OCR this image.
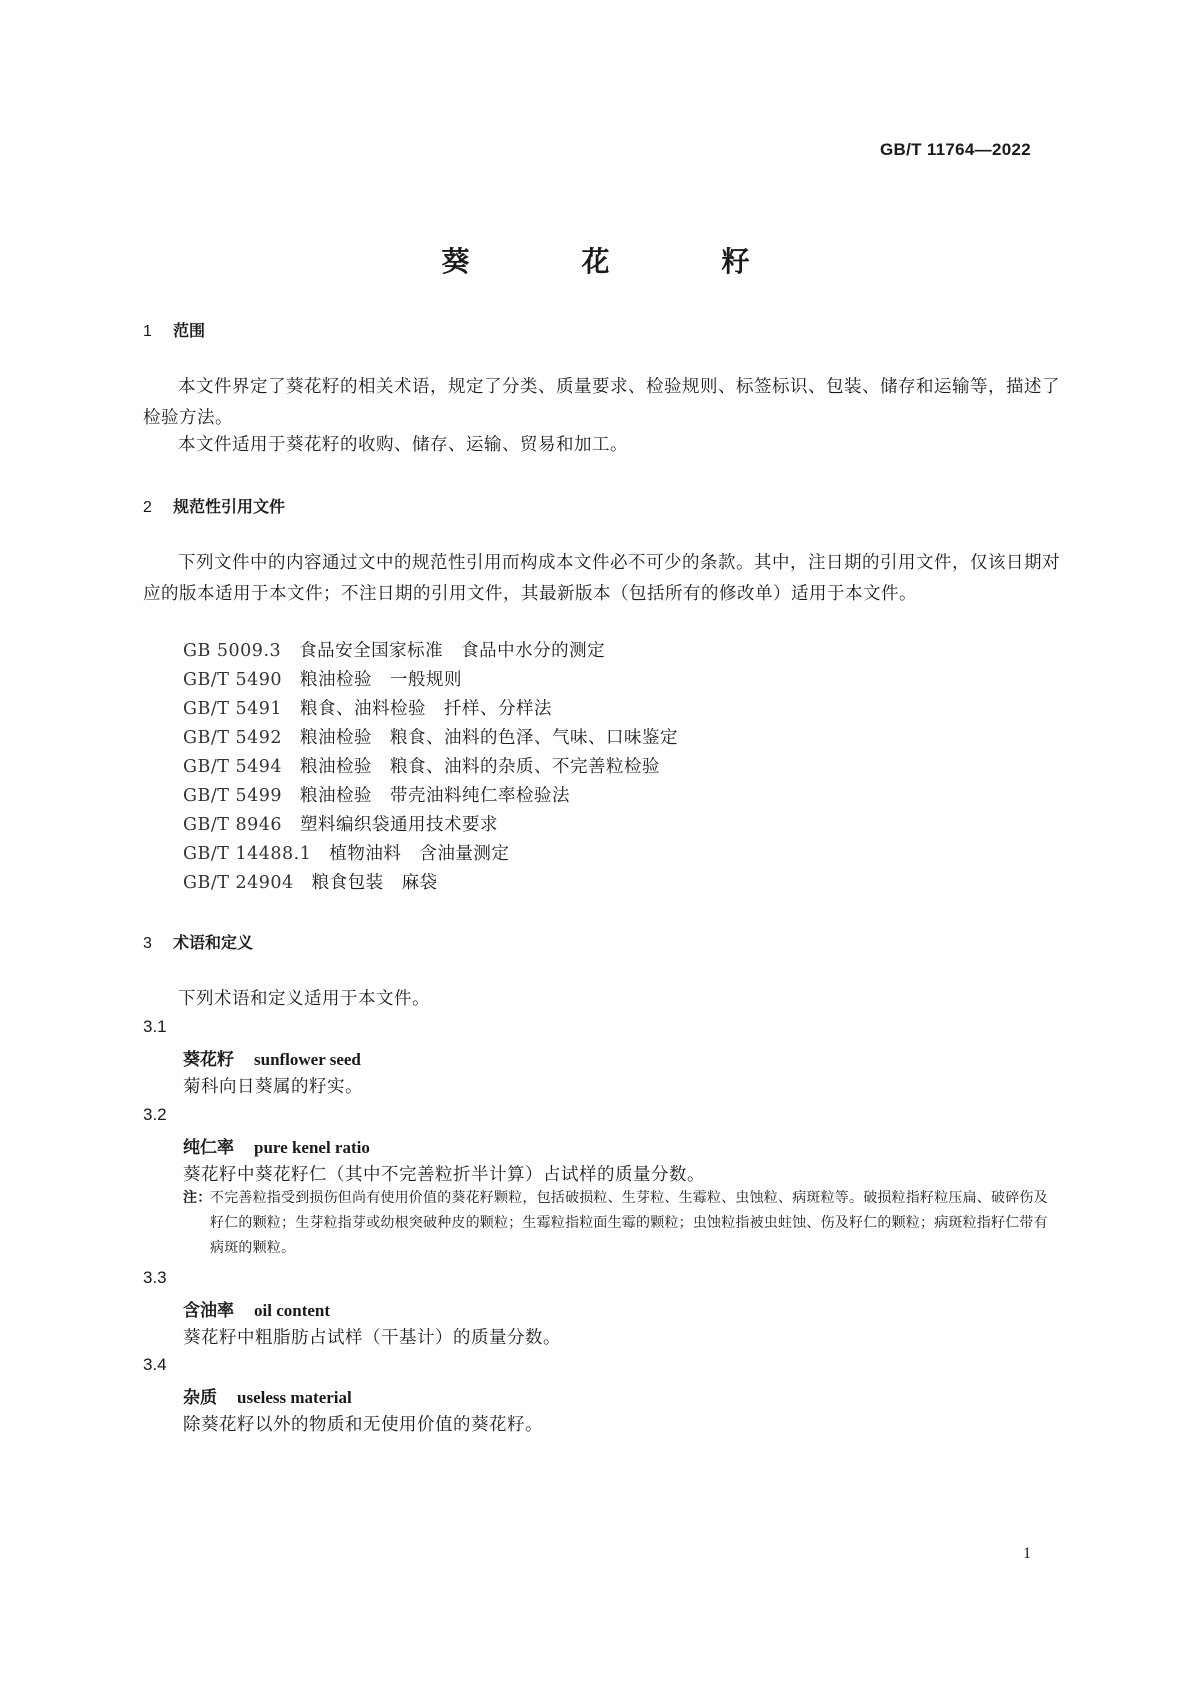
GB/T 11764—2022
葵　花　籽
1 范围
本文件界定了葵花籽的相关术语，规定了分类、质量要求、检验规则、标签标识、包装、储存和运输等，描述了检验方法。
本文件适用于葵花籽的收购、储存、运输、贸易和加工。
2 规范性引用文件
下列文件中的内容通过文中的规范性引用而构成本文件必不可少的条款。其中，注日期的引用文件，仅该日期对应的版本适用于本文件；不注日期的引用文件，其最新版本（包括所有的修改单）适用于本文件。
GB 5009.3 食品安全国家标准　食品中水分的测定
GB/T 5490 粮油检验　一般规则
GB/T 5491 粮食、油料检验　扦样、分样法
GB/T 5492 粮油检验　粮食、油料的色泽、气味、口味鉴定
GB/T 5494 粮油检验　粮食、油料的杂质、不完善粒检验
GB/T 5499 粮油检验　带壳油料纯仁率检验法
GB/T 8946 塑料编织袋通用技术要求
GB/T 14488.1 植物油料　含油量测定
GB/T 24904 粮食包装　麻袋
3 术语和定义
下列术语和定义适用于本文件。
3.1
葵花籽 sunflower seed
菊科向日葵属的籽实。
3.2
纯仁率 pure kenel ratio
葵花籽中葵花籽仁（其中不完善粒折半计算）占试样的质量分数。
注：
不完善粒指受到损伤但尚有使用价值的葵花籽颗粒，包括破损粒、生芽粒、生霉粒、虫蚀粒、病斑粒等。破损粒指籽粒压扁、破碎伤及籽仁的颗粒；生芽粒指芽或幼根突破种皮的颗粒；生霉粒指粒面生霉的颗粒；虫蚀粒指被虫蛀蚀、伤及籽仁的颗粒；病斑粒指籽仁带有病斑的颗粒。
3.3
含油率 oil content
葵花籽中粗脂肪占试样（干基计）的质量分数。
3.4
杂质 useless material
除葵花籽以外的物质和无使用价值的葵花籽。
1
